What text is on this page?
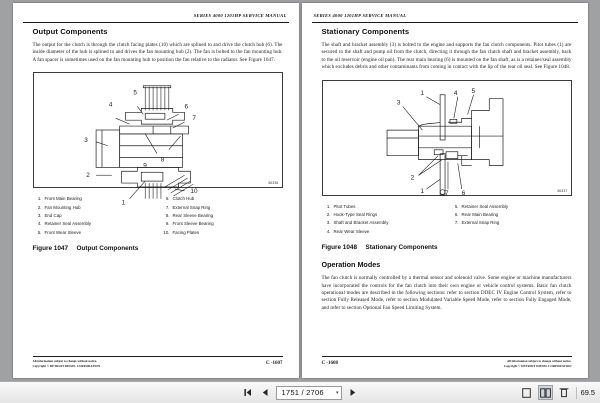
SERIES 4000 1201HP SERVICE MANUAL
Output Components

The output for the clutch is through the clutch facing plates (10) which are splined to and drive the clutch hub (6). The inside diameter of the hub is splined to and drives the fan mounting hub (2). The fan is bolted to the fan mounting hub. A fan spacer is sometimes used on the fan mounting hub to position the fan relative to the radiator. See Figure 1047.

4
5
3
6
7
8
9
2
1
10
36336
1. Front Main Bearing
2. Fan Mounting Hub
3. End Cap
4. Retainer Seal Assembly
5. Front Wear Sleeve
6. Clutch Hub
7. External Snap Ring
8. Rear Sleeve Bearing
9. Front Sleeve Bearing
10. Facing Plates
Figure 1047	Output Components
All information subject to change without notice.
Copyright © DETROIT DIESEL CORPORATION	C -1607
SERIES 4000 1201HP SERVICE MANUAL
Stationary Components

The shaft and bracket assembly (3) is bolted to the engine and supports the fan clutch components. Pitot tubes (1) are secured to the shaft and pump oil from the clutch, directing it through the fan clutch shaft and bracket assembly, back to the oil reservoir (engine oil pan). The rear main bearing (6) is mounted on the fan shaft, as is a retainer/seal assembly which excludes debris and other contaminants from coming in contact with the lip of the rear oil seal. See Figure 1048.

1
3
4 5
2
1	7 6	36337
1. Pitot Tubes
2. Hook-Type Seal Rings
3. Shaft and Bracket Assembly
4. Rear Wear Sleeve
5. Retainer Seal Assembly
6. Rear Main Bearing
7. External Snap Ring
Figure 1048	Stationary Components
Operation Modes

The fan clutch is normally controlled by a thermal sensor and solenoid valve. Some engine or machine manufacturers have incorporated the controls for the fan clutch into their own engine or vehicle control systems. Basic fan clutch operational modes are described in the following sections: refer to section DDEC IV Engine Control System, refer to section Fully Released Mode, refer to section Modulated Variable Speed Mode, refer to section Fully Engaged Mode, and refer to section Optional Fan Speed Limiting System.

All information subject to change without notice.
Copyright © DETROIT DIESEL CORPORATION
C -1608
1751 / 2706 ▾	69.5
